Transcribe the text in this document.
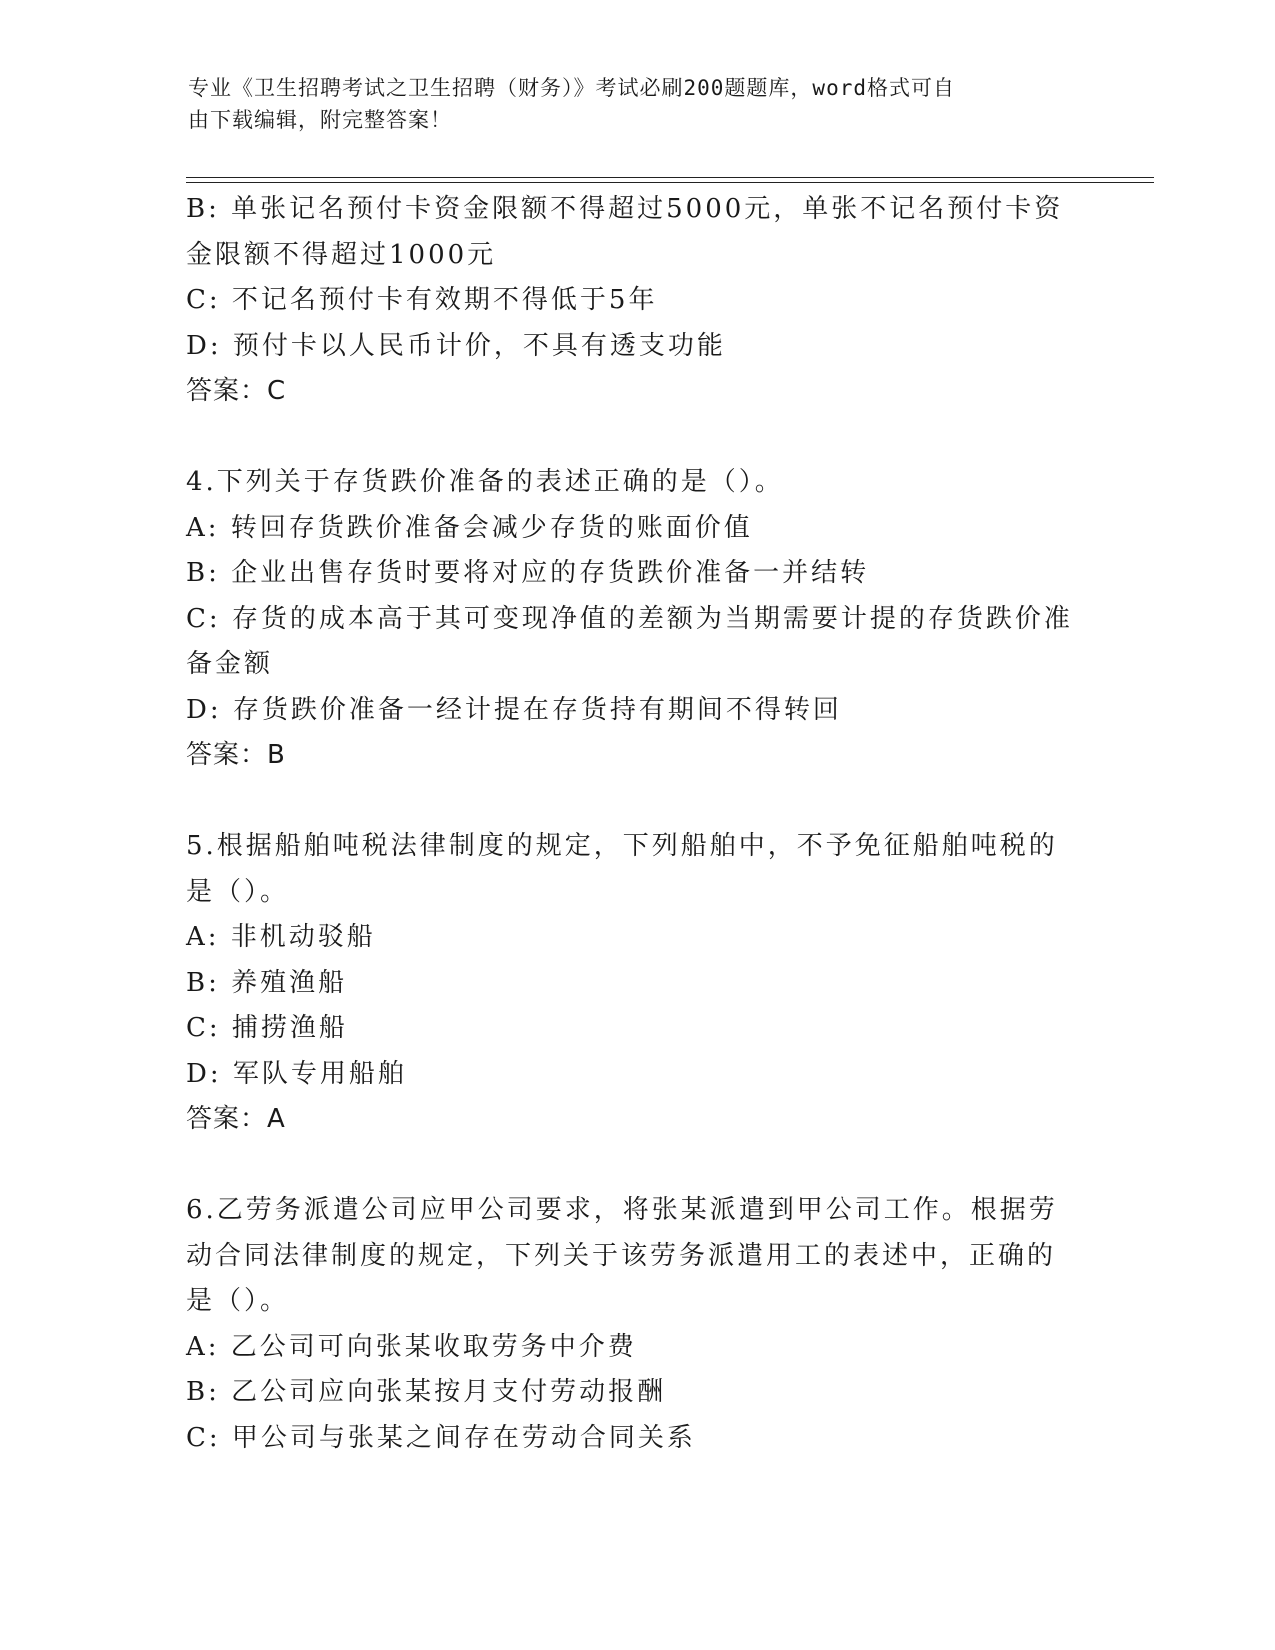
专业《卫生招聘考试之卫生招聘（财务）》考试必刷200题题库，word格式可自
由下载编辑，附完整答案！
B: 单张记名预付卡资金限额不得超过5000元，单张不记名预付卡资
金限额不得超过1000元
C: 不记名预付卡有效期不得低于5年
D: 预付卡以人民币计价，不具有透支功能
答案：C
4.下列关于存货跌价准备的表述正确的是（）。
A: 转回存货跌价准备会减少存货的账面价值
B: 企业出售存货时要将对应的存货跌价准备一并结转
C: 存货的成本高于其可变现净值的差额为当期需要计提的存货跌价准
备金额
D: 存货跌价准备一经计提在存货持有期间不得转回
答案：B
5.根据船舶吨税法律制度的规定，下列船舶中，不予免征船舶吨税的
是（）。
A: 非机动驳船
B: 养殖渔船
C: 捕捞渔船
D: 军队专用船舶
答案：A
6.乙劳务派遣公司应甲公司要求，将张某派遣到甲公司工作。根据劳
动合同法律制度的规定，下列关于该劳务派遣用工的表述中，正确的
是（）。
A: 乙公司可向张某收取劳务中介费
B: 乙公司应向张某按月支付劳动报酬
C: 甲公司与张某之间存在劳动合同关系
